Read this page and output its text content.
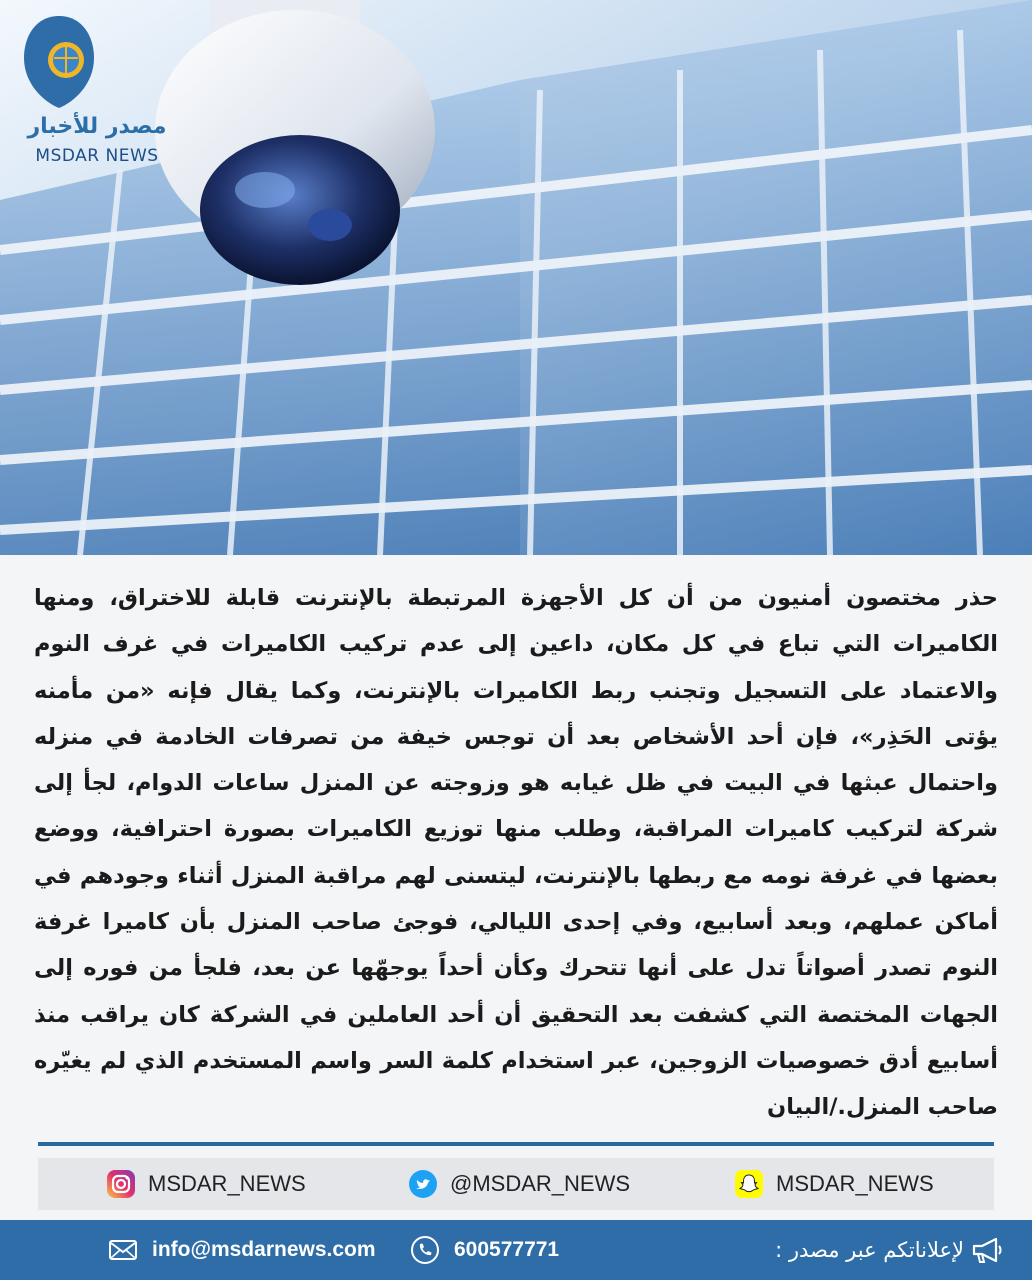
مصدر للأخبار
MSDAR NEWS

حذر مختصون أمنيون من أن كل الأجهزة المرتبطة بالإنترنت قابلة للاختراق، ومنها الكاميرات التي تباع في كل مكان، داعين إلى عدم تركيب الكاميرات في غرف النوم والاعتماد على التسجيل وتجنب ربط الكاميرات بالإنترنت، وكما يقال فإنه «من مأمنه يؤتى الحَذِر»، فإن أحد الأشخاص بعد أن توجس خيفة من تصرفات الخادمة في منزله واحتمال عبثها في البيت في ظل غيابه هو وزوجته عن المنزل ساعات الدوام، لجأ إلى شركة لتركيب كاميرات المراقبة، وطلب منها توزيع الكاميرات بصورة احترافية، ووضع بعضها في غرفة نومه مع ربطها بالإنترنت، ليتسنى لهم مراقبة المنزل أثناء وجودهم في أماكن عملهم، وبعد أسابيع، وفي إحدى الليالي، فوجئ صاحب المنزل بأن كاميرا غرفة النوم تصدر أصواتاً تدل على أنها تتحرك وكأن أحداً يوجهّها عن بعد، فلجأ من فوره إلى الجهات المختصة التي كشفت بعد التحقيق أن أحد العاملين في الشركة كان يراقب منذ أسابيع أدق خصوصيات الزوجين، عبر استخدام كلمة السر واسم المستخدم الذي لم يغيّره صاحب المنزل./البيان

MSDAR_NEWS	@MSDAR_NEWS	MSDAR_NEWS
info@msdarnews.com	600577771	لإعلاناتكم عبر مصدر :
